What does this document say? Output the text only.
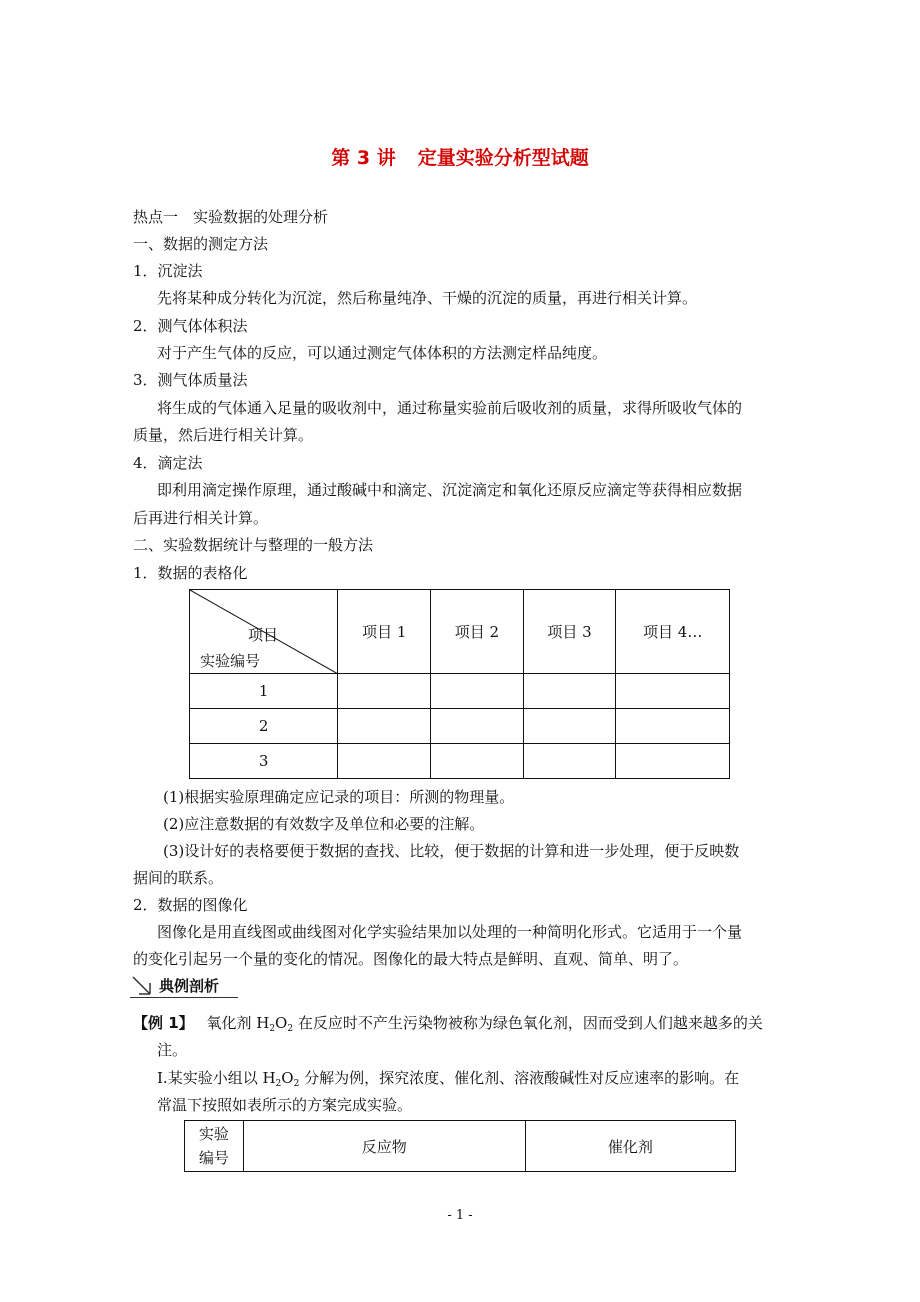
第 3 讲 定量实验分析型试题
热点一　实验数据的处理分析
一、数据的测定方法
1．沉淀法
先将某种成分转化为沉淀，然后称量纯净、干燥的沉淀的质量，再进行相关计算。
2．测气体体积法
对于产生气体的反应，可以通过测定气体体积的方法测定样品纯度。
3．测气体质量法
将生成的气体通入足量的吸收剂中，通过称量实验前后吸收剂的质量，求得所吸收气体的
质量，然后进行相关计算。
4．滴定法
即利用滴定操作原理，通过酸碱中和滴定、沉淀滴定和氧化还原反应滴定等获得相应数据
后再进行相关计算。
二、实验数据统计与整理的一般方法
1．数据的表格化
项目
实验编号	项目 1	项目 2	项目 3	项目 4…
1				
2				
3				
(1)根据实验原理确定应记录的项目：所测的物理量。
(2)应注意数据的有效数字及单位和必要的注解。
(3)设计好的表格要便于数据的查找、比较，便于数据的计算和进一步处理，便于反映数
据间的联系。
2．数据的图像化
图像化是用直线图或曲线图对化学实验结果加以处理的一种简明化形式。它适用于一个量
的变化引起另一个量的变化的情况。图像化的最大特点是鲜明、直观、简单、明了。
典例剖析
【例 1】 氧化剂 $H_2O_2$ 在反应时不产生污染物被称为绿色氧化剂，因而受到人们越来越多的关
注。
Ⅰ.某实验小组以 $H_2O_2$ 分解为例，探究浓度、催化剂、溶液酸碱性对反应速率的影响。在
常温下按照如表所示的方案完成实验。
实验
编号
	反应物	催化剂
- 1 -
